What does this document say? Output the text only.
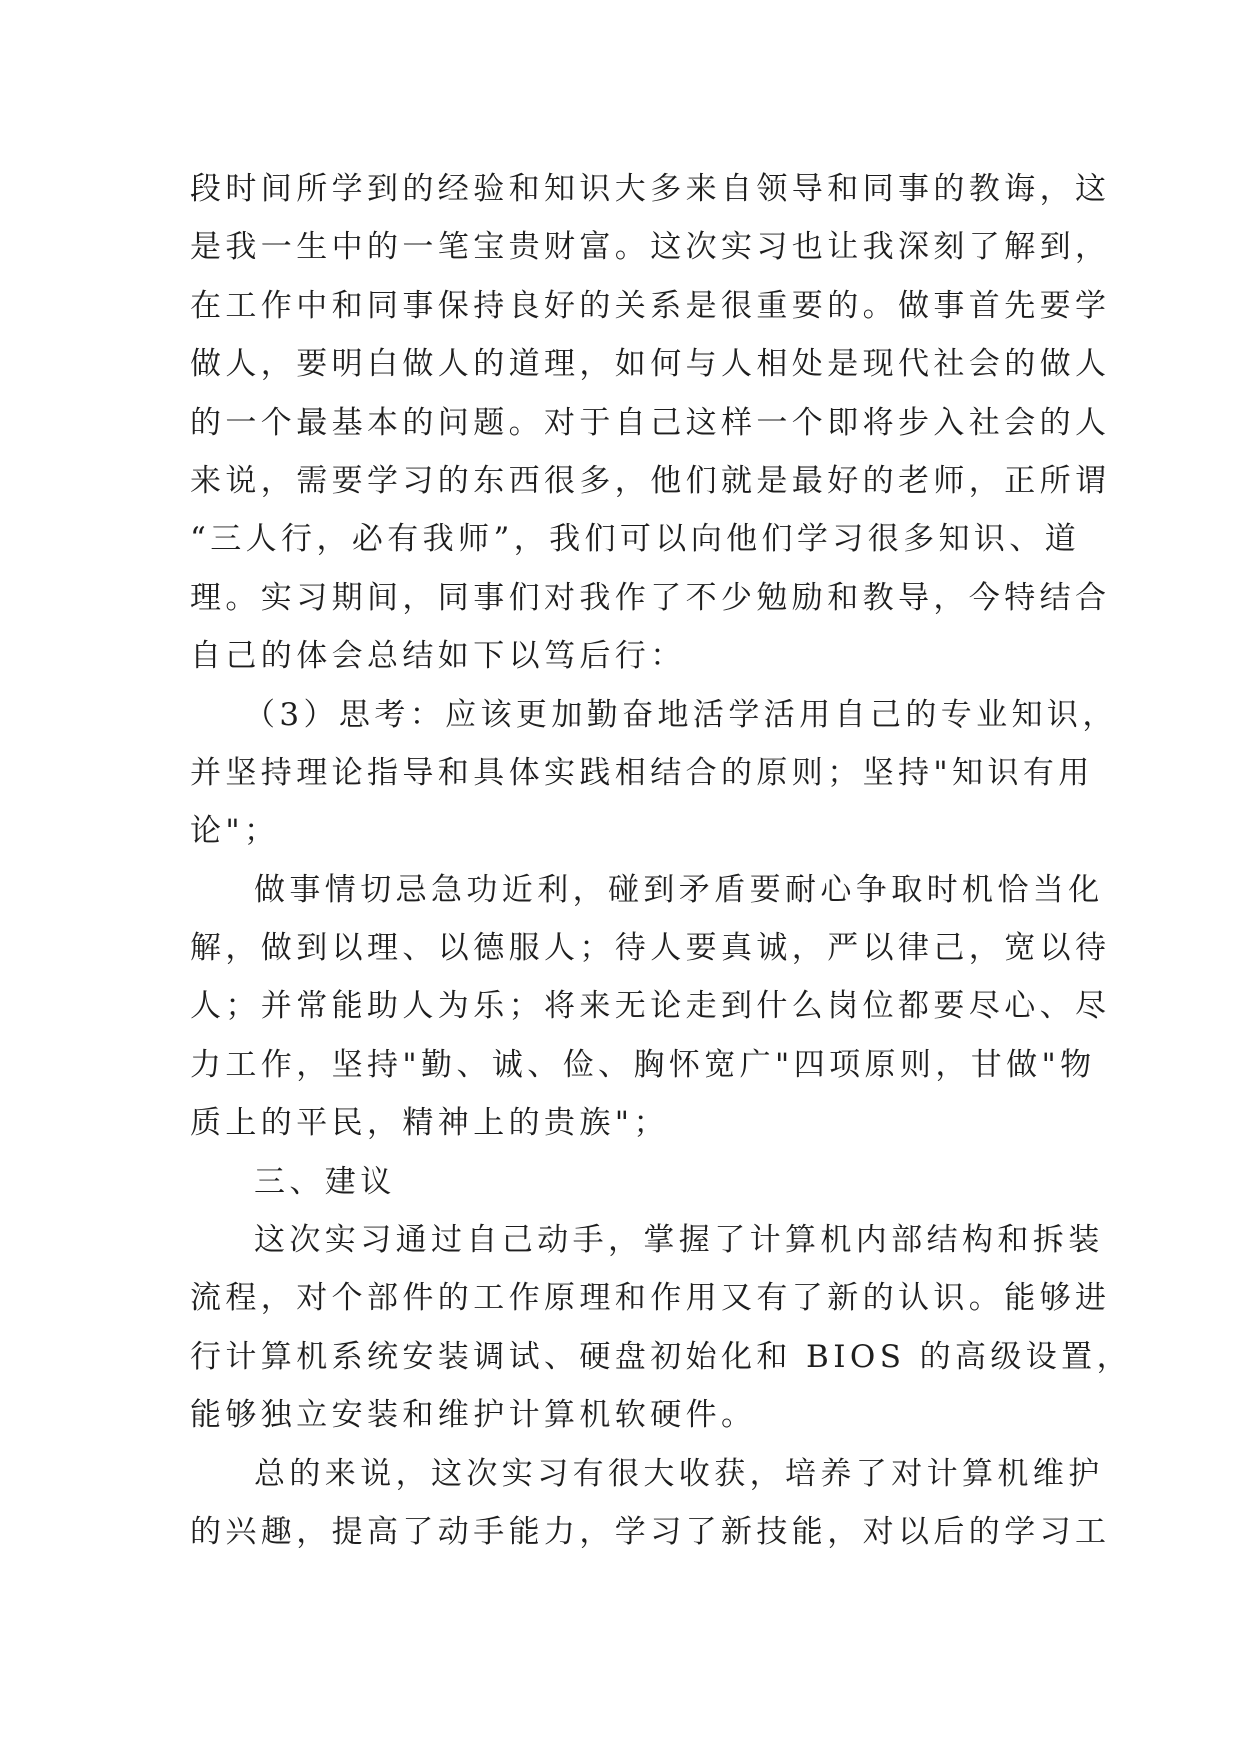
段时间所学到的经验和知识大多来自领导和同事的教诲，这
是我一生中的一笔宝贵财富。这次实习也让我深刻了解到，
在工作中和同事保持良好的关系是很重要的。做事首先要学
做人，要明白做人的道理，如何与人相处是现代社会的做人
的一个最基本的问题。对于自己这样一个即将步入社会的人
来说，需要学习的东西很多，他们就是最好的老师，正所谓
“三人行，必有我师”，我们可以向他们学习很多知识、道
理。实习期间，同事们对我作了不少勉励和教导，今特结合
自己的体会总结如下以笃后行：
（3）思考：应该更加勤奋地活学活用自己的专业知识，
并坚持理论指导和具体实践相结合的原则；坚持"知识有用
论"；
做事情切忌急功近利，碰到矛盾要耐心争取时机恰当化
解，做到以理、以德服人；待人要真诚，严以律己，宽以待
人；并常能助人为乐；将来无论走到什么岗位都要尽心、尽
力工作，坚持"勤、诚、俭、胸怀宽广"四项原则，甘做"物
质上的平民，精神上的贵族"；
三、建议
这次实习通过自己动手，掌握了计算机内部结构和拆装
流程，对个部件的工作原理和作用又有了新的认识。能够进
行计算机系统安装调试、硬盘初始化和 BIOS 的高级设置，
能够独立安装和维护计算机软硬件。
总的来说，这次实习有很大收获，培养了对计算机维护
的兴趣，提高了动手能力，学习了新技能，对以后的学习工
